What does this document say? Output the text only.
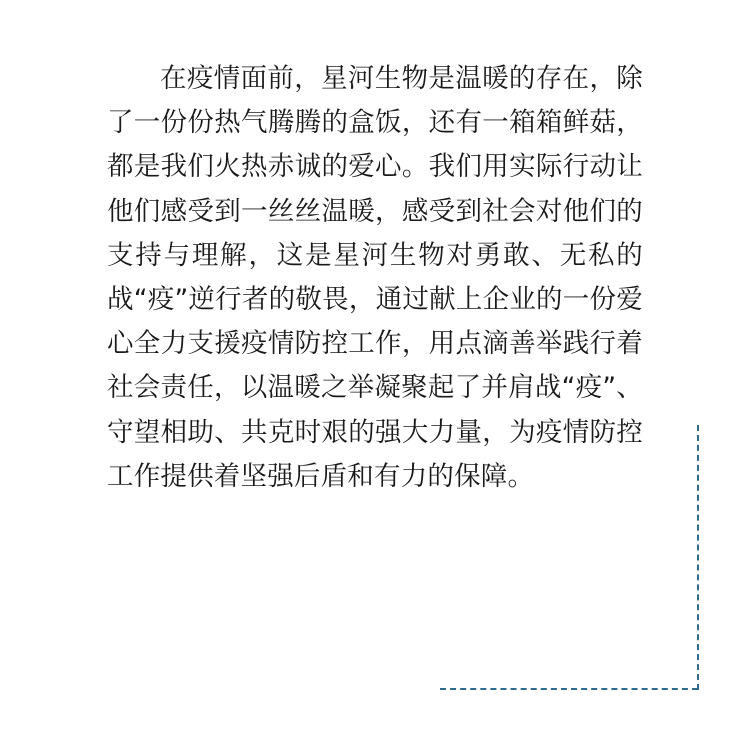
在疫情面前，星河生物是温暖的存在，除了一份份热气腾腾的盒饭，还有一箱箱鲜菇，都是我们火热赤诚的爱心。我们用实际行动让他们感受到一丝丝温暖，感受到社会对他们的支持与理解，这是星河生物对勇敢、无私的战“疫”逆行者的敬畏，通过献上企业的一份爱心全力支援疫情防控工作，用点滴善举践行着社会责任，以温暖之举凝聚起了并肩战“疫”、守望相助、共克时艰的强大力量，为疫情防控工作提供着坚强后盾和有力的保障。
